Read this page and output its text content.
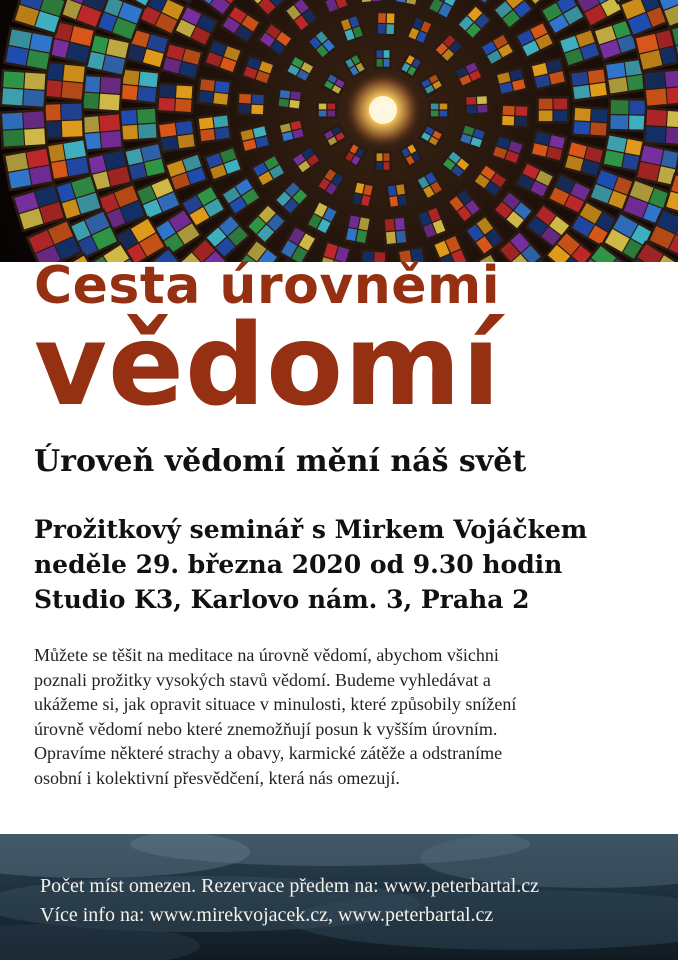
Cesta úrovněmi
vědomí
Úroveň vědomí mění náš svět
Prožitkový seminář s Mirkem Vojáčkem
neděle 29. března 2020 od 9.30 hodin
Studio K3, Karlovo nám. 3, Praha 2
Můžete se těšit na meditace na úrovně vědomí, abychom všichni
poznali prožitky vysokých stavů vědomí. Budeme vyhledávat a
ukážeme si, jak opravit situace v minulosti, které způsobily snížení
úrovně vědomí nebo které znemožňují posun k vyšším úrovním.
Opravíme některé strachy a obavy, karmické zátěže a odstraníme
osobní i kolektivní přesvědčení, která nás omezují.
Počet míst omezen. Rezervace předem na: www.peterbartal.cz
Více info na: www.mirekvojacek.cz, www.peterbartal.cz
